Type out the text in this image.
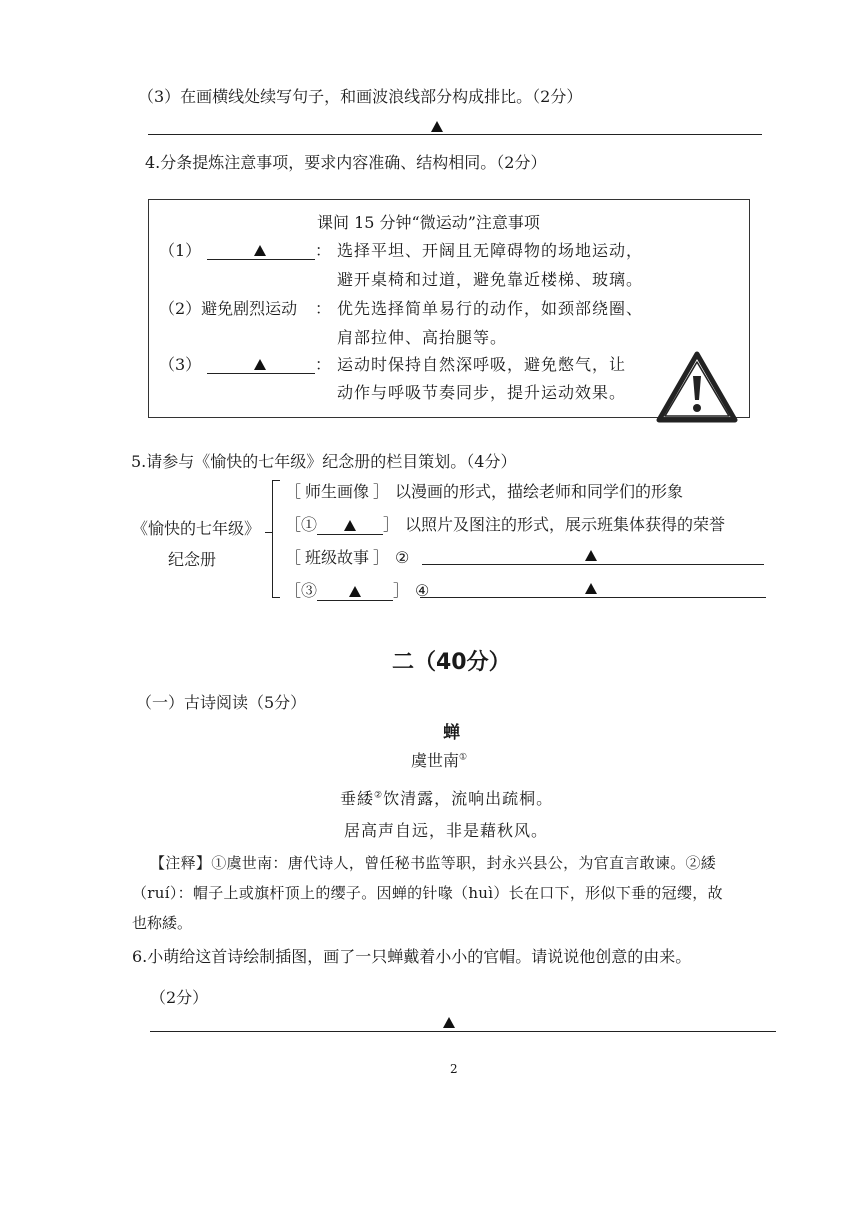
（3）在画横线处续写句子，和画波浪线部分构成排比。（2分）
4.分条提炼注意事项，要求内容准确、结构相同。（2分）
课间 15 分钟“微运动”注意事项
（1）	： 选择平坦、开阔且无障碍物的场地运动，
避开桌椅和过道，避免靠近楼梯、玻璃。
（2）避免剧烈运动 ： 优先选择简单易行的动作，如颈部绕圈、
肩部拉伸、高抬腿等。
（3）	： 运动时保持自然深呼吸，避免憋气，让
动作与呼吸节奏同步，提升运动效果。
5.请参与《愉快的七年级》纪念册的栏目策划。（4分）
《愉快的七年级》
纪念册
［ 师生画像 ］ 以漫画的形式，描绘老师和同学们的形象
［①	］ 以照片及图注的形式，展示班集体获得的荣誉
［ 班级故事 ］ ②
［③	］ ④
二（40分）
（一）古诗阅读（5分）
蝉
虞世南①
垂緌②饮清露，流响出疏桐。
居高声自远，非是藉秋风。
【注释】①虞世南：唐代诗人，曾任秘书监等职，封永兴县公，为官直言敢谏。②緌
（ruí）：帽子上或旗杆顶上的缨子。因蝉的针喙（huì）长在口下，形似下垂的冠缨，故
也称緌。
6.小萌给这首诗绘制插图，画了一只蝉戴着小小的官帽。请说说他创意的由来。
（2分）
2
